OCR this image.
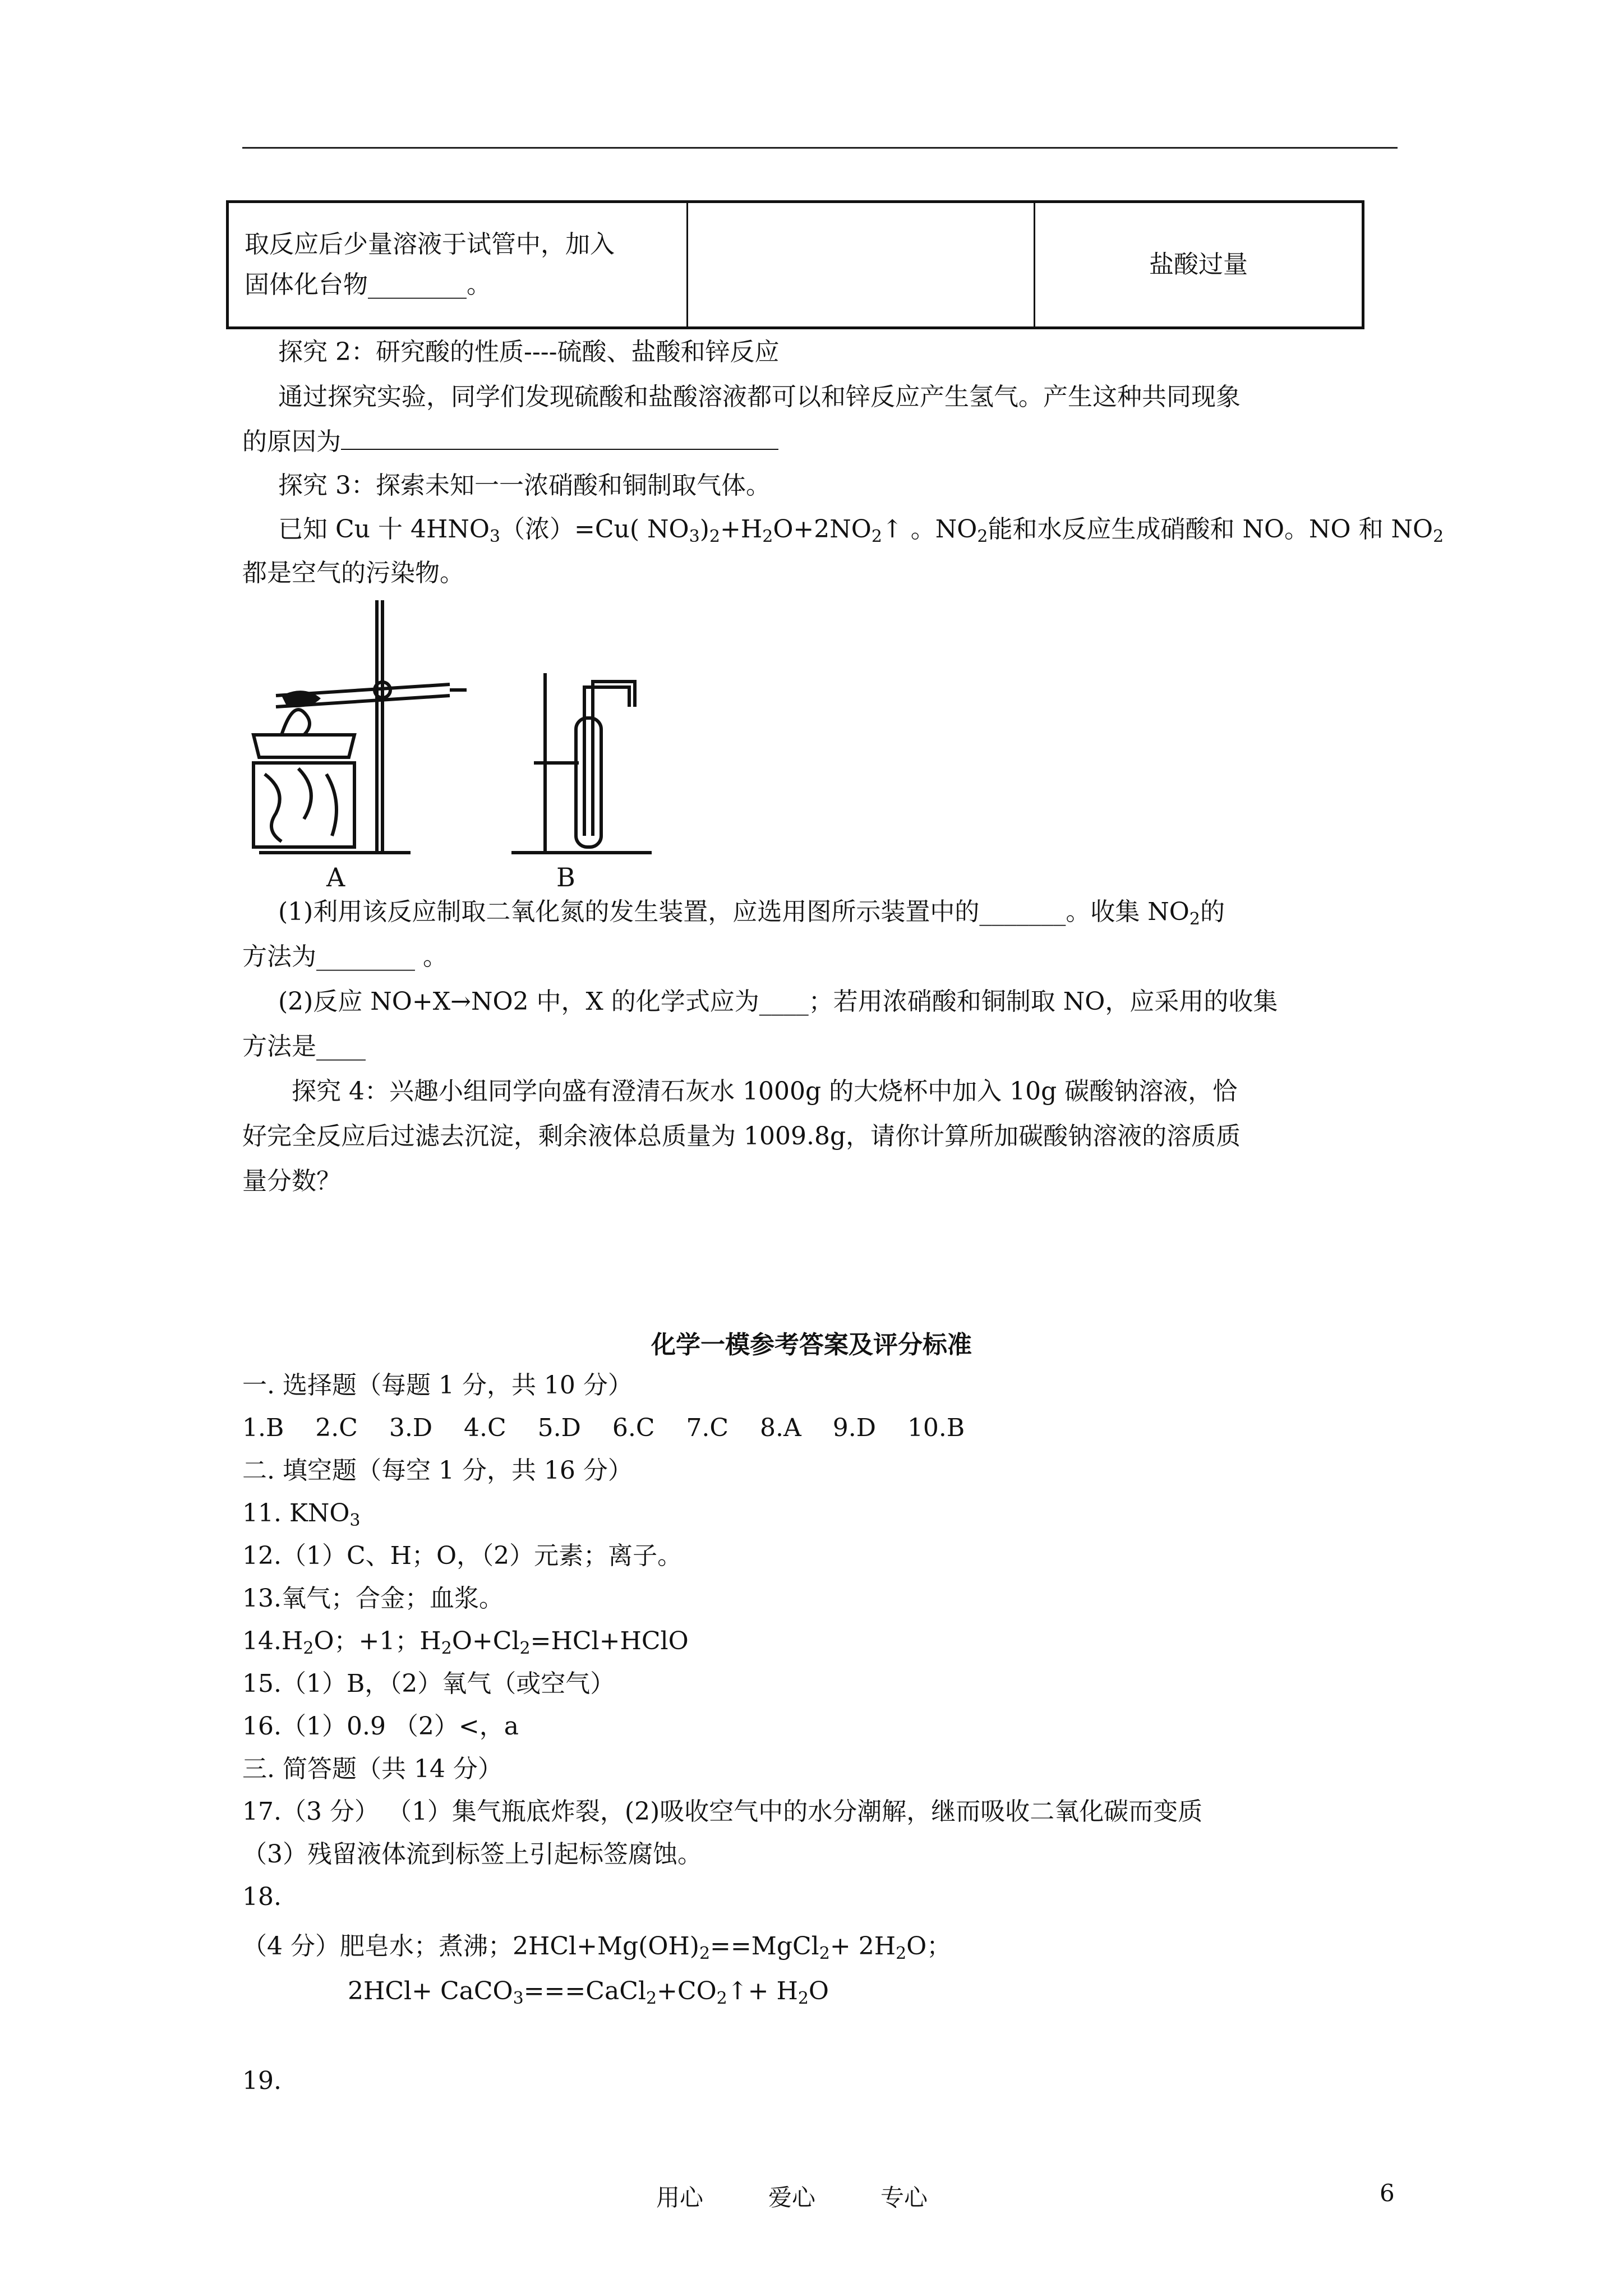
取反应后少量溶液于试管中，加入
固体化台物________。
		盐酸过量
探究 2：研究酸的性质----硫酸、盐酸和锌反应
通过探究实验，同学们发现硫酸和盐酸溶液都可以和锌反应产生氢气。产生这种共同现象
的原因为
探究 3：探索未知一一浓硝酸和铜制取气体。
已知 Cu 十 $4HNO_3$（浓）=Cu( $NO_3)_2+H_2O+2NO_2↑$ 。$NO_2$能和水反应生成硝酸和 NO。NO 和 $NO_2$
都是空气的污染物。
A	B
(1)利用该反应制取二氧化氮的发生装置，应选用图所示装置中的_______。收集 $NO_2$的
方法为________ 。
(2)反应 NO+X→NO2 中，X 的化学式应为____；若用浓硝酸和铜制取 NO，应采用的收集
方法是____
探究 4：兴趣小组同学向盛有澄清石灰水 1000g 的大烧杯中加入 10g 碳酸钠溶液，恰
好完全反应后过滤去沉淀，剩余液体总质量为 1009.8g，请你计算所加碳酸钠溶液的溶质质
量分数？
化学一模参考答案及评分标准
一. 选择题（每题 1 分，共 10 分）
1.B    2.C    3.D    4.C    5.D    6.C    7.C    8.A    9.D    10.B
二. 填空题（每空 1 分，共 16 分）
11. $KNO_3$
12.（1）C、H；O，（2）元素；离子。
13.氧气；合金；血浆。
$14.H_2O$；+1；$H_2O+Cl_2=HCl+HClO$
15.（1）B，（2）氧气（或空气）
16.（1）0.9 （2）<，a
三. 简答题（共 14 分）
17.（3 分） （1）集气瓶底炸裂，(2)吸收空气中的水分潮解，继而吸收二氧化碳而变质
（3）残留液体流到标签上引起标签腐蚀。
18.
（4 分）肥皂水；煮沸；$2HCl+Mg(OH)_2==MgCl_2+ 2H_2O$；
$2HCl+ CaCO_3===CaCl_2+CO_2↑+ H_2O$
19.
用心	爱心	专心	6
